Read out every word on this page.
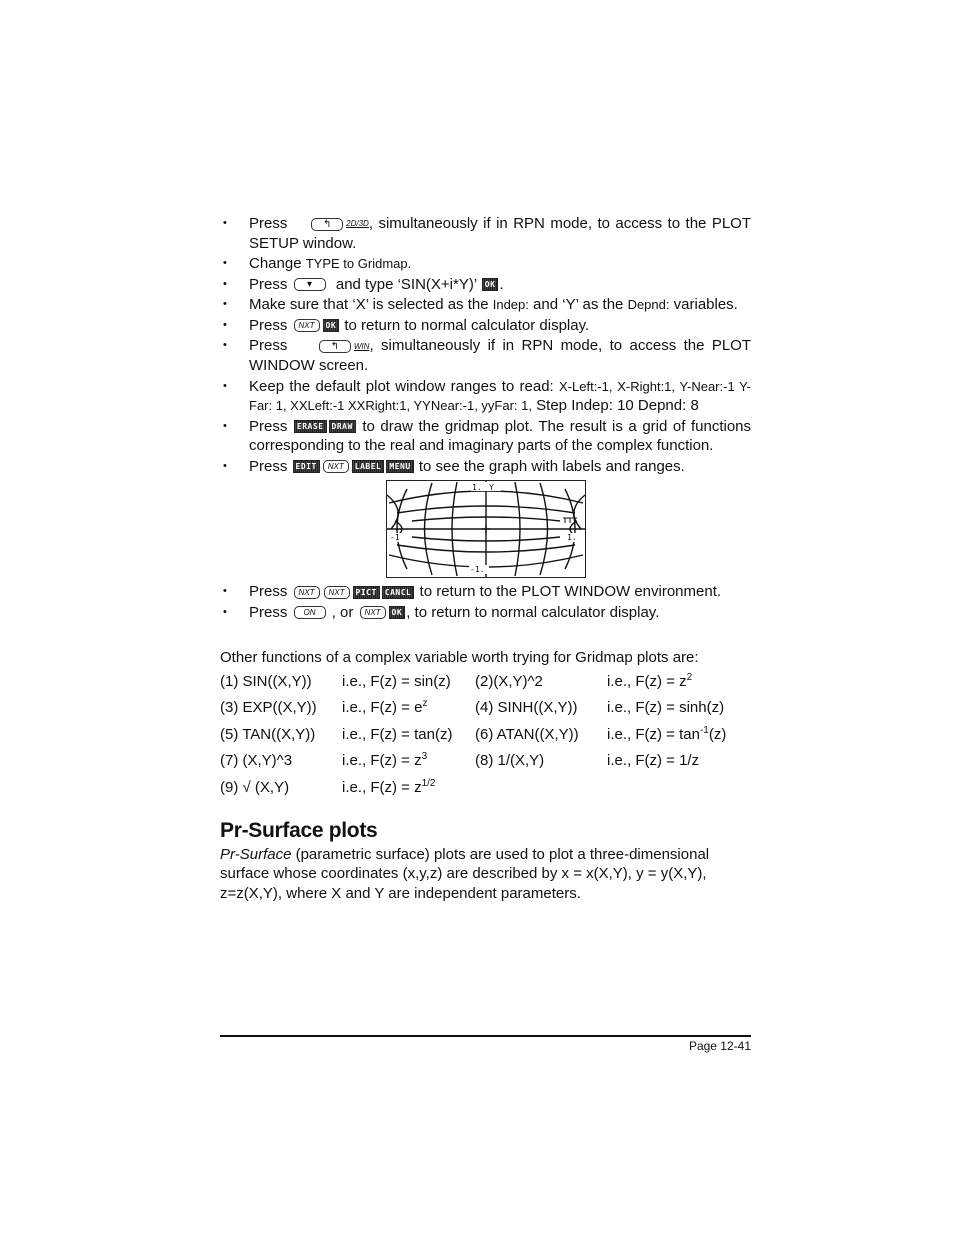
• Press	↰ 2D/3D, simultaneously if in RPN mode, to access to the PLOT SETUP window.
• Change TYPE to Gridmap.
• Press ▾ and type ‘SIN(X+i*Y)’ OK .
• Make sure that ‘X’ is selected as the Indep: and ‘Y’ as the Depnd: variables.
• Press NXT OK to return to normal calculator display.
• Press	↰ WIN, simultaneously if in RPN mode, to access the PLOT WINDOW screen.
• Keep the default plot window ranges to read: X-Left:-1, X-Right:1, Y-Near:-1 Y-Far: 1, XXLeft:-1 XXRight:1, YYNear:-1, yyFar: 1, Step Indep: 10 Depnd: 8
• Press ERASE DRAW to draw the gridmap plot. The result is a grid of functions corresponding to the real and imaginary parts of the complex function.
• Press EDIT NXT LABEL MENU to see the graph with labels and ranges.
1. Y
-1
-1.
1.
• Press NXT NXT PICT CANCL to return to the PLOT WINDOW environment.
• Press ON , or NXT OK , to return to normal calculator display.
Other functions of a complex variable worth trying for Gridmap plots are:
(1) SIN((X,Y))	i.e., F(z) = sin(z)	(2)(X,Y)^2	i.e., $F(z) = z^2$
(3) EXP((X,Y))	i.e., $F(z) = e^z$	(4) SINH((X,Y))	i.e., F(z) = sinh(z)
(5) TAN((X,Y))	i.e., F(z) = tan(z)	(6) ATAN((X,Y))	i.e., $F(z) = \tan^{-1}(z)$
(7) (X,Y)^3	i.e., $F(z) = z^3$	(8) 1/(X,Y)	i.e., F(z) = 1/z
(9) √ (X,Y)	i.e., $F(z) = z^{1/2}$		
Pr-Surface plots
Pr-Surface (parametric surface) plots are used to plot a three-dimensional surface whose coordinates (x,y,z) are described by x = x(X,Y), y = y(X,Y), z=z(X,Y), where X and Y are independent parameters.
Page 12-41
